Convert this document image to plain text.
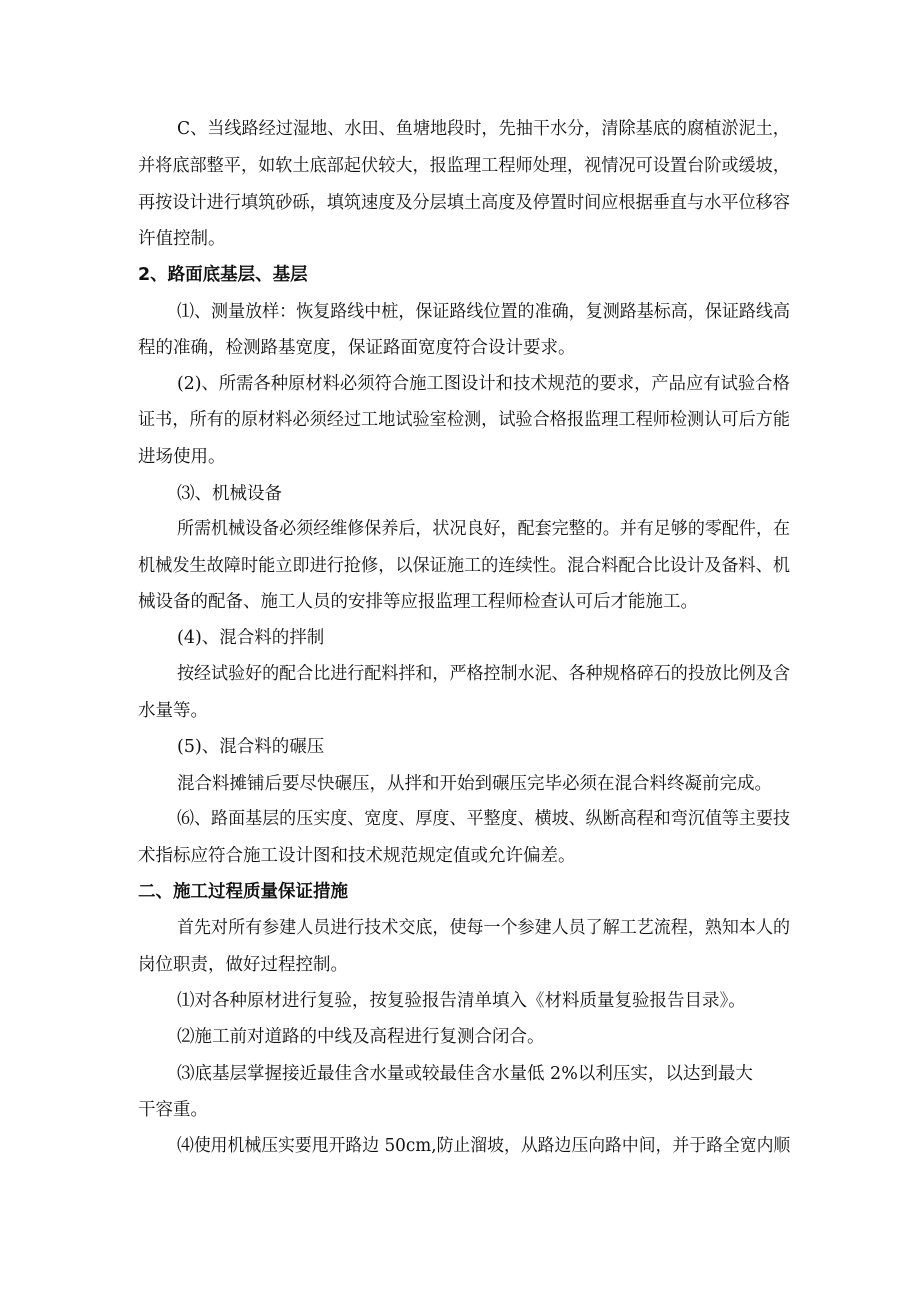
C、当线路经过湿地、水田、鱼塘地段时，先抽干水分，清除基底的腐植淤泥土，
并将底部整平，如软土底部起伏较大，报监理工程师处理，视情况可设置台阶或缓坡，
再按设计进行填筑砂砾，填筑速度及分层填土高度及停置时间应根据垂直与水平位移容
许值控制。
2、路面底基层、基层
⑴、测量放样：恢复路线中桩，保证路线位置的准确，复测路基标高，保证路线高
程的准确，检测路基宽度，保证路面宽度符合设计要求。
(2)、所需各种原材料必须符合施工图设计和技术规范的要求，产品应有试验合格
证书，所有的原材料必须经过工地试验室检测，试验合格报监理工程师检测认可后方能
进场使用。
⑶、机械设备
所需机械设备必须经维修保养后，状况良好，配套完整的。并有足够的零配件，在
机械发生故障时能立即进行抢修，以保证施工的连续性。混合料配合比设计及备料、机
械设备的配备、施工人员的安排等应报监理工程师检查认可后才能施工。
(4)、混合料的拌制
按经试验好的配合比进行配料拌和，严格控制水泥、各种规格碎石的投放比例及含
水量等。
(5)、混合料的碾压
混合料摊铺后要尽快碾压，从拌和开始到碾压完毕必须在混合料终凝前完成。
⑹、路面基层的压实度、宽度、厚度、平整度、横坡、纵断高程和弯沉值等主要技
术指标应符合施工设计图和技术规范规定值或允许偏差。
二、施工过程质量保证措施
首先对所有参建人员进行技术交底，使每一个参建人员了解工艺流程，熟知本人的
岗位职责，做好过程控制。
⑴对各种原材进行复验，按复验报告清单填入《材料质量复验报告目录》。
⑵施工前对道路的中线及高程进行复测合闭合。
⑶底基层掌握接近最佳含水量或较最佳含水量低 2%以利压实，以达到最大
干容重。
⑷使用机械压实要甩开路边 50cm,防止溜坡，从路边压向路中间，并于路全宽内顺
